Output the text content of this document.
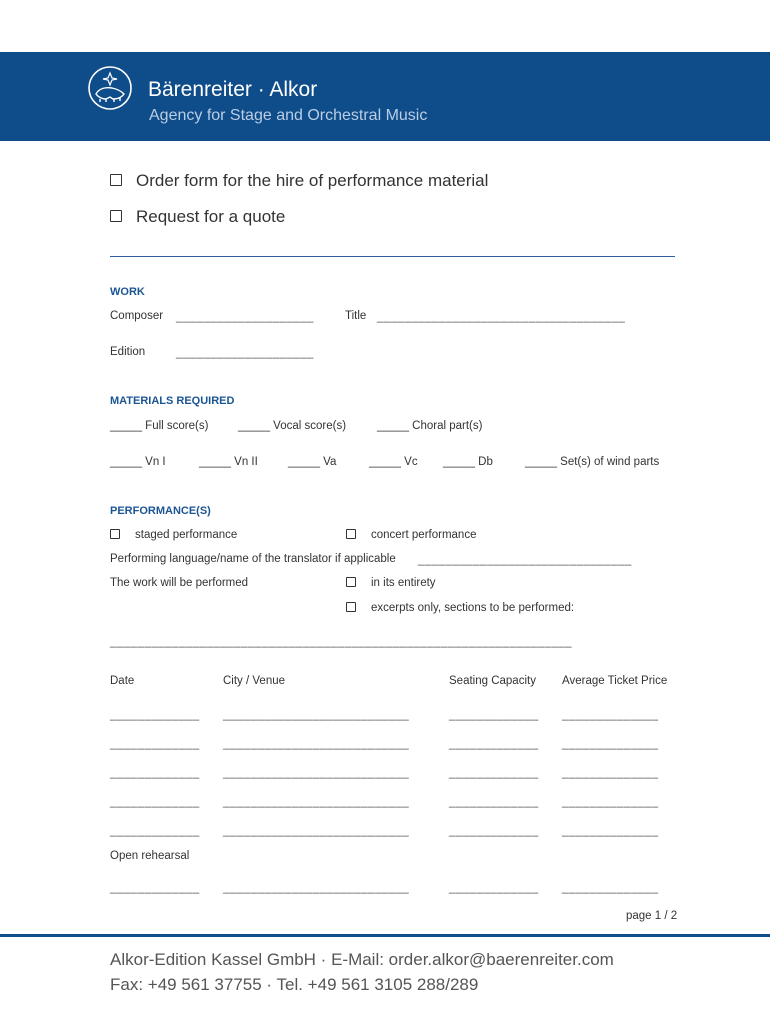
Bärenreiter · Alkor
Agency for Stage and Orchestral Music
Order form for the hire of performance material
Request for a quote
WORK
Composer ____________________	Title ____________________________________
Edition	____________________
MATERIALS REQUIRED
_____ Full score(s)	_____ Vocal score(s)	_____ Choral part(s)
_____ Vn I	_____ Vn II	_____ Va	_____ Vc _____ Db	_____ Set(s) of wind parts
PERFORMANCE(S)
staged performance	concert performance
Performing language/name of the translator if applicable _______________________________
The work will be performed	in its entirety
excerpts only, sections to be performed:
___________________________________________________________________
Date	City / Venue	Seating Capacity Average Ticket Price
_____________ ___________________________	_____________ ______________
_____________ ___________________________	_____________ ______________
_____________ ___________________________	_____________ ______________
_____________ ___________________________	_____________ ______________
_____________ ___________________________	_____________ ______________
Open rehearsal
_____________ ___________________________	_____________ ______________
page 1 / 2
Alkor-Edition Kassel GmbH · E-Mail: order.alkor@baerenreiter.com
Fax: +49 561 37755 · Tel. +49 561 3105 288/289
